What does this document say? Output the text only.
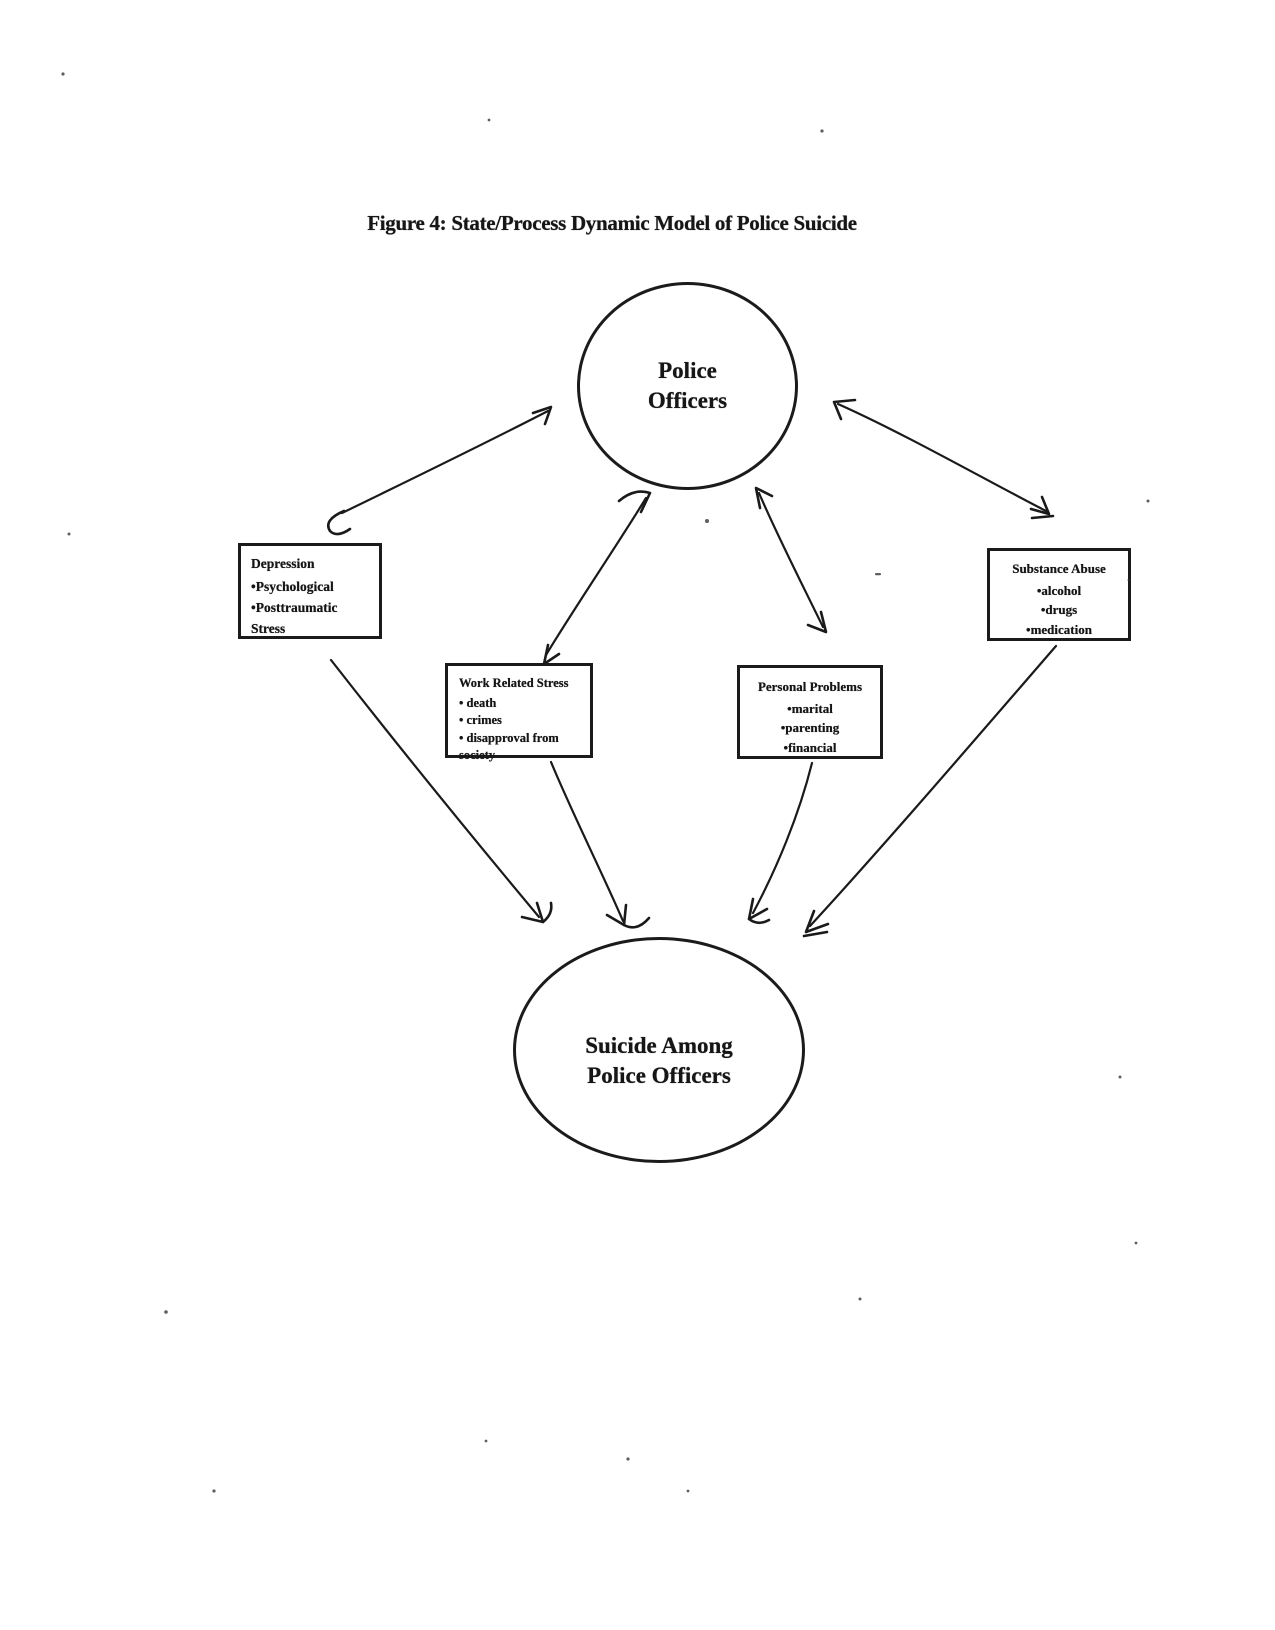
Figure 4: State/Process Dynamic Model of Police Suicide
Police Officers
Depression
•Psychological
•Posttraumatic Stress
Work Related Stress
• death
• crimes
• disapproval from society
Personal Problems
•marital
•parenting
•financial
Substance Abuse
•alcohol
•drugs
•medication
Suicide Among Police Officers
